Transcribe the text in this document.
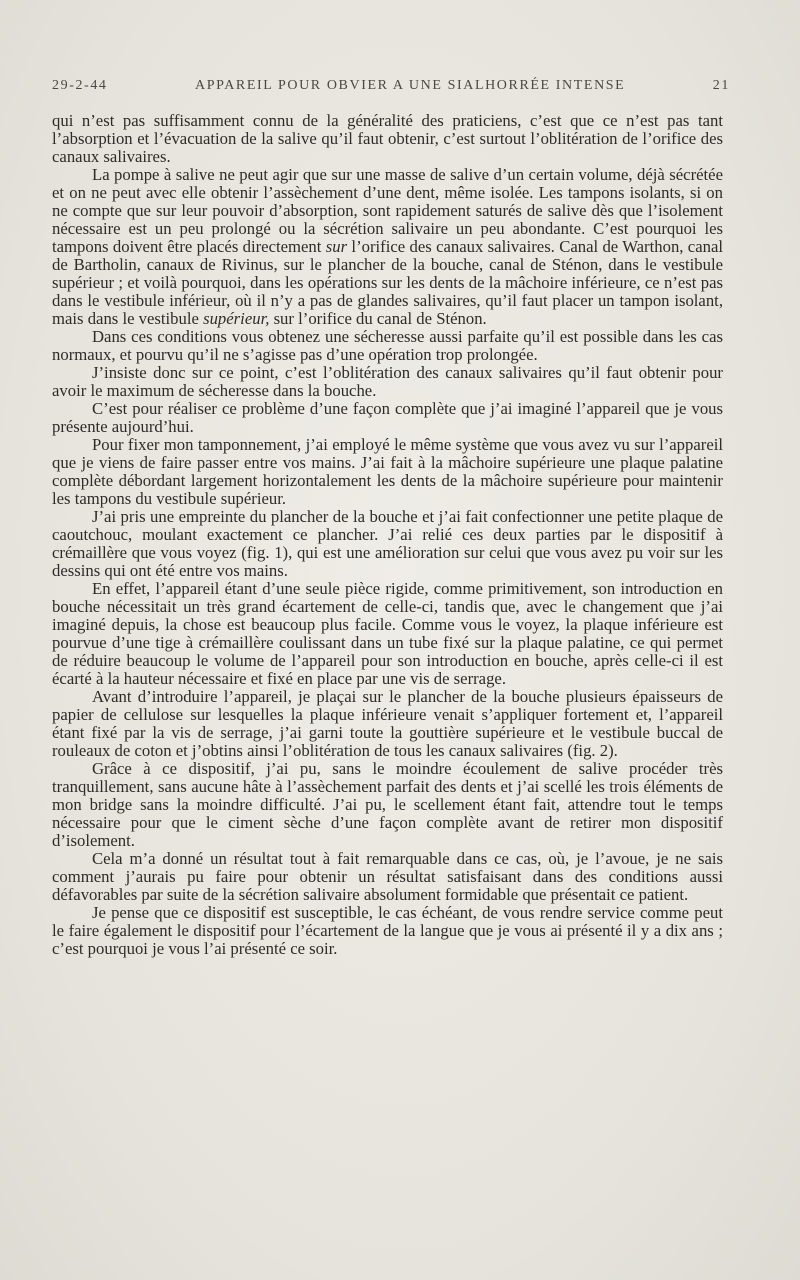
29-2-44	APPAREIL POUR OBVIER A UNE SIALHORRÉE INTENSE	21

qui n’est pas suffisamment connu de la généralité des praticiens, c’est que ce n’est pas tant l’absorption et l’évacuation de la salive qu’il faut obtenir, c’est surtout l’oblitération de l’orifice des canaux salivaires.

La pompe à salive ne peut agir que sur une masse de salive d’un certain volume, déjà sécrétée et on ne peut avec elle obtenir l’assèchement d’une dent, même isolée. Les tampons isolants, si on ne compte que sur leur pouvoir d’absorption, sont rapidement saturés de salive dès que l’isolement nécessaire est un peu prolongé ou la sécrétion salivaire un peu abondante. C’est pourquoi les tampons doivent être placés directement sur l’orifice des canaux salivaires. Canal de Warthon, canal de Bartholin, canaux de Rivinus, sur le plancher de la bouche, canal de Sténon, dans le vestibule supérieur ; et voilà pourquoi, dans les opérations sur les dents de la mâchoire inférieure, ce n’est pas dans le vestibule inférieur, où il n’y a pas de glandes salivaires, qu’il faut placer un tampon isolant, mais dans le vestibule supérieur, sur l’orifice du canal de Sténon.

Dans ces conditions vous obtenez une sécheresse aussi parfaite qu’il est possible dans les cas normaux, et pourvu qu’il ne s’agisse pas d’une opération trop prolongée.

J’insiste donc sur ce point, c’est l’oblitération des canaux salivaires qu’il faut obtenir pour avoir le maximum de sécheresse dans la bouche.

C’est pour réaliser ce problème d’une façon complète que j’ai imaginé l’appareil que je vous présente aujourd’hui.

Pour fixer mon tamponnement, j’ai employé le même système que vous avez vu sur l’appareil que je viens de faire passer entre vos mains. J’ai fait à la mâchoire supérieure une plaque palatine complète débordant largement horizontalement les dents de la mâchoire supérieure pour maintenir les tampons du vestibule supérieur.

J’ai pris une empreinte du plancher de la bouche et j’ai fait confectionner une petite plaque de caoutchouc, moulant exactement ce plancher. J’ai relié ces deux parties par le dispositif à crémaillère que vous voyez (fig. 1), qui est une amélioration sur celui que vous avez pu voir sur les dessins qui ont été entre vos mains.

En effet, l’appareil étant d’une seule pièce rigide, comme primitivement, son introduction en bouche nécessitait un très grand écartement de celle-ci, tandis que, avec le changement que j’ai imaginé depuis, la chose est beaucoup plus facile. Comme vous le voyez, la plaque inférieure est pourvue d’une tige à crémaillère coulissant dans un tube fixé sur la plaque palatine, ce qui permet de réduire beaucoup le volume de l’appareil pour son introduction en bouche, après celle-ci il est écarté à la hauteur nécessaire et fixé en place par une vis de serrage.

Avant d’introduire l’appareil, je plaçai sur le plancher de la bouche plusieurs épaisseurs de papier de cellulose sur lesquelles la plaque inférieure venait s’appliquer fortement et, l’appareil étant fixé par la vis de serrage, j’ai garni toute la gouttière supérieure et le vestibule buccal de rouleaux de coton et j’obtins ainsi l’oblitération de tous les canaux salivaires (fig. 2).

Grâce à ce dispositif, j’ai pu, sans le moindre écoulement de salive procéder très tranquillement, sans aucune hâte à l’assèchement parfait des dents et j’ai scellé les trois éléments de mon bridge sans la moindre difficulté. J’ai pu, le scellement étant fait, attendre tout le temps nécessaire pour que le ciment sèche d’une façon complète avant de retirer mon dispositif d’isolement.

Cela m’a donné un résultat tout à fait remarquable dans ce cas, où, je l’avoue, je ne sais comment j’aurais pu faire pour obtenir un résultat satisfaisant dans des conditions aussi défavorables par suite de la sécrétion salivaire absolument formidable que présentait ce patient.

Je pense que ce dispositif est susceptible, le cas échéant, de vous rendre service comme peut le faire également le dispositif pour l’écartement de la langue que je vous ai présenté il y a dix ans ; c’est pourquoi je vous l’ai présenté ce soir.
